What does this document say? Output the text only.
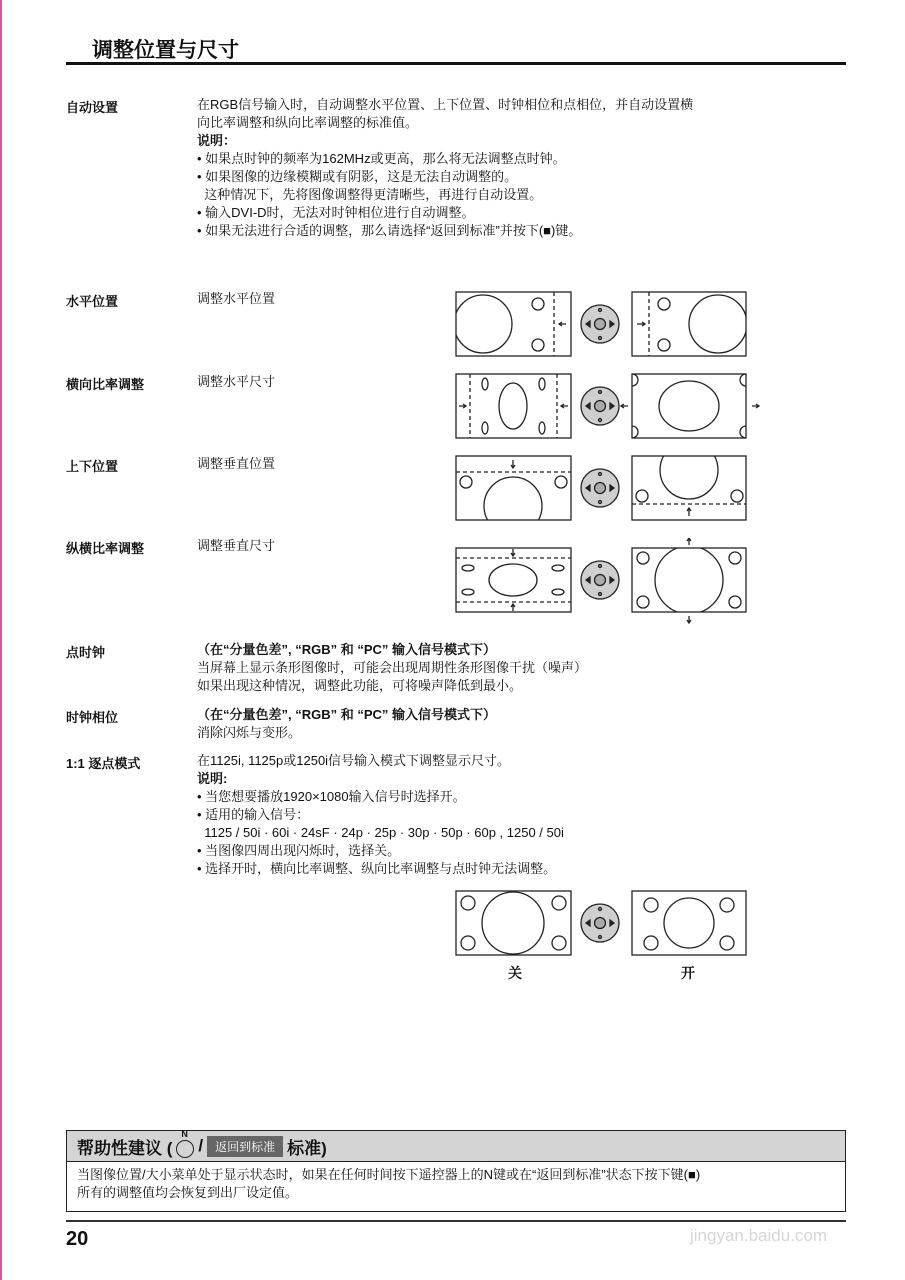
调整位置与尺寸
自动设置	在RGB信号输入时，自动调整水平位置、上下位置、时钟相位和点相位，并自动设置横
向比率调整和纵向比率调整的标准值。
说明：
• 如果点时钟的频率为162MHz或更高，那么将无法调整点时钟。
• 如果图像的边缘模糊或有阴影，这是无法自动调整的。
这种情况下，先将图像调整得更清晰些，再进行自动设置。
• 输入DVI-D时，无法对时钟相位进行自动调整。
• 如果无法进行合适的调整，那么请选择“返回到标准”并按下(■)键。
水平位置	调整水平位置
横向比率调整	调整水平尺寸
上下位置	调整垂直位置
纵横比率调整	调整垂直尺寸
点时钟	（在“分量色差”, “RGB” 和 “PC” 输入信号模式下）
当屏幕上显示条形图像时，可能会出现周期性条形图像干扰（噪声）
如果出现这种情况，调整此功能，可将噪声降低到最小。
时钟相位	（在“分量色差”, “RGB” 和 “PC” 输入信号模式下）
消除闪烁与变形。
1:1 逐点模式	在1125i, 1125p或1250i信号输入模式下调整显示尺寸。
说明:
• 当您想要播放1920×1080输入信号时选择开。
• 适用的输入信号：
1125 / 50i · 60i · 24sF · 24p · 25p · 30p · 50p · 60p , 1250 / 50i
• 当图像四周出现闪烁时，选择关。
• 选择开时，横向比率调整、纵向比率调整与点时钟无法调整。
关	开
帮助性建议 (
N
/	返回到标准 标准)
当图像位置/大小菜单处于显示状态时，如果在任何时间按下遥控器上的N键或在“返回到标准”状态下按下键(■)
所有的调整值均会恢复到出厂设定值。
jingyan.baidu.com
20
